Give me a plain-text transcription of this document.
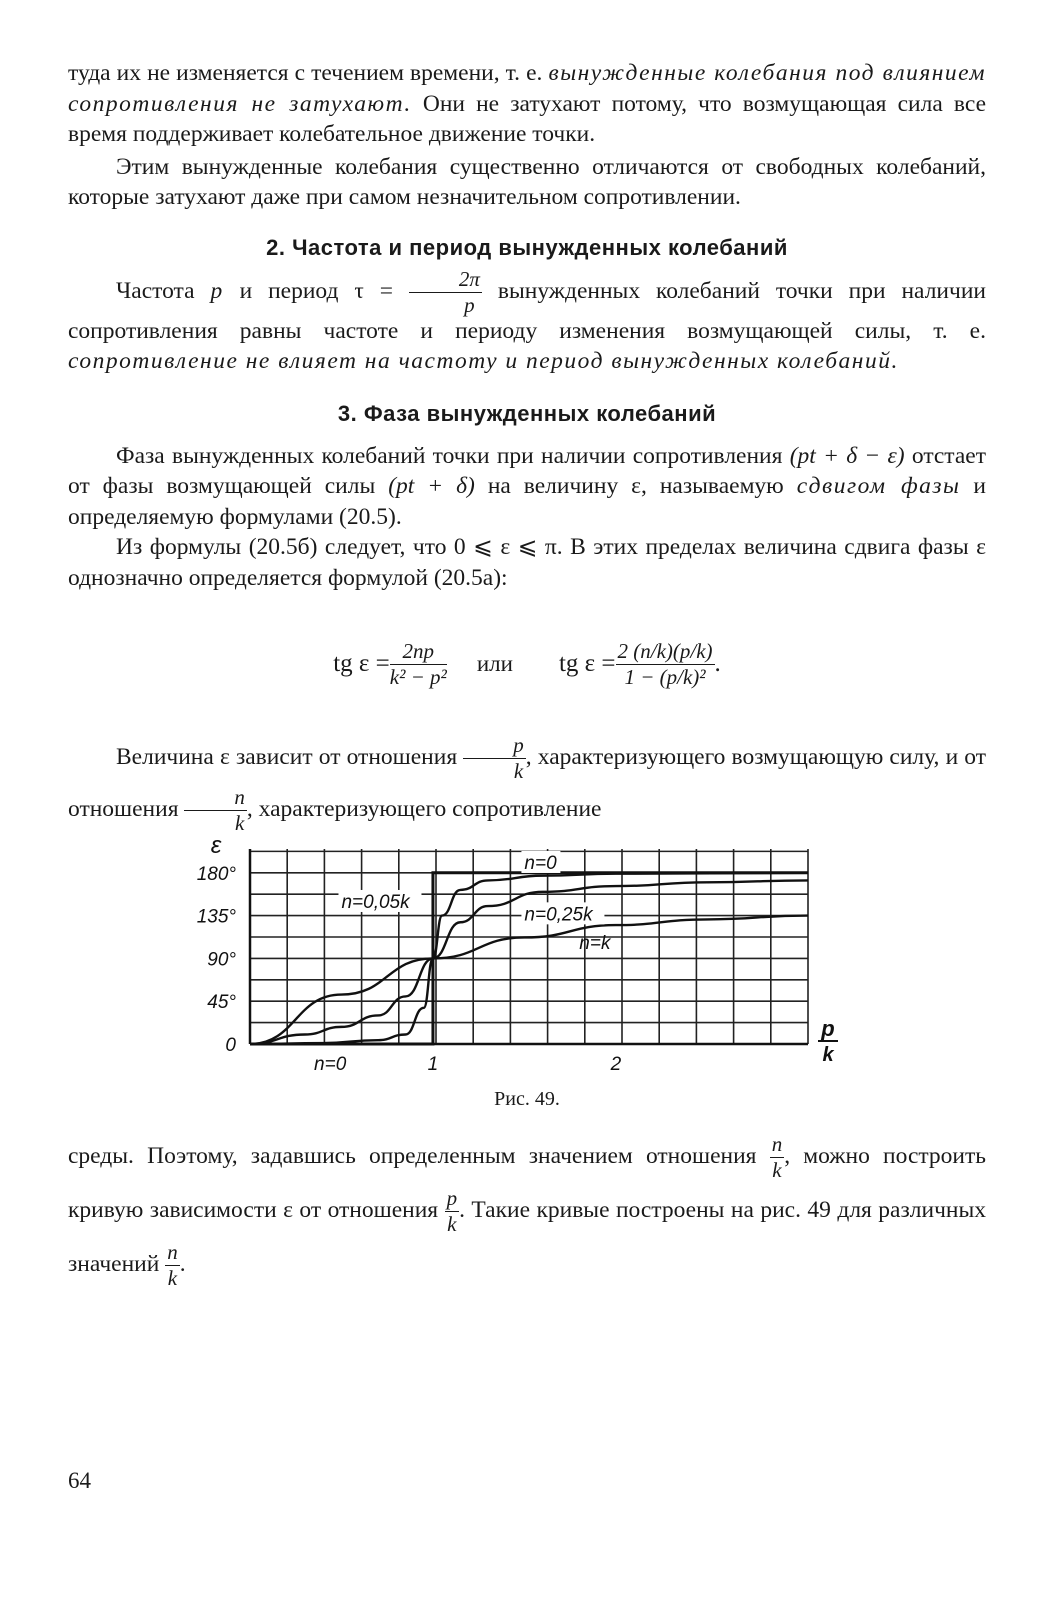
туда их не изменяется с течением времени, т. е. вынужденные колебания под влиянием сопротивления не затухают. Они не затухают потому, что возмущающая сила все время поддерживает колебательное движение точки.

Этим вынужденные колебания существенно отличаются от свободных колебаний, которые затухают даже при самом незначительном сопротивлении.

2. Частота и период вынужденных колебаний

Частота p и период $\tau = \frac{2\pi}{p}$ вынужденных колебаний точки при наличии сопротивления равны частоте и периоду изменения возмущающей силы, т. е. сопротивление не влияет на частоту и период вынужденных колебаний.

3. Фаза вынужденных колебаний

Фаза вынужденных колебаний точки при наличии сопротивления (pt + δ − ε) отстает от фазы возмущающей силы (pt + δ) на величину ε, называемую сдвигом фазы и определяемую формулами (20.5).

Из формулы (20.5б) следует, что 0 ⩽ ε ⩽ π. В этих пределах величина сдвига фазы ε однозначно определяется формулой (20.5а):

tg $\varepsilon = \frac{2np}{\text{k² − p²}}$ или tg $\varepsilon = \frac{2 (n/k)(p/k)}{\text{1 − (p/k)²}}$ .

Величина ε зависит от отношения $\frac{p}{k}$ , характеризующего возмущающую силу, и от отношения $\frac{n}{k}$ , характеризующего сопротивление

0
45°
90°
135°
180°
ε
1	2
p
k
n=0
n=0,05k
n=0,25k
n=k
n=0
Рис. 49.

среды. Поэтому, задавшись определенным значением отношения $\frac{n}{k}$ , можно построить кривую зависимости ε от отношения $\frac{p}{k}$ . Такие кривые построены на рис. 49 для различных значений $\frac{n}{k}$ .

64
